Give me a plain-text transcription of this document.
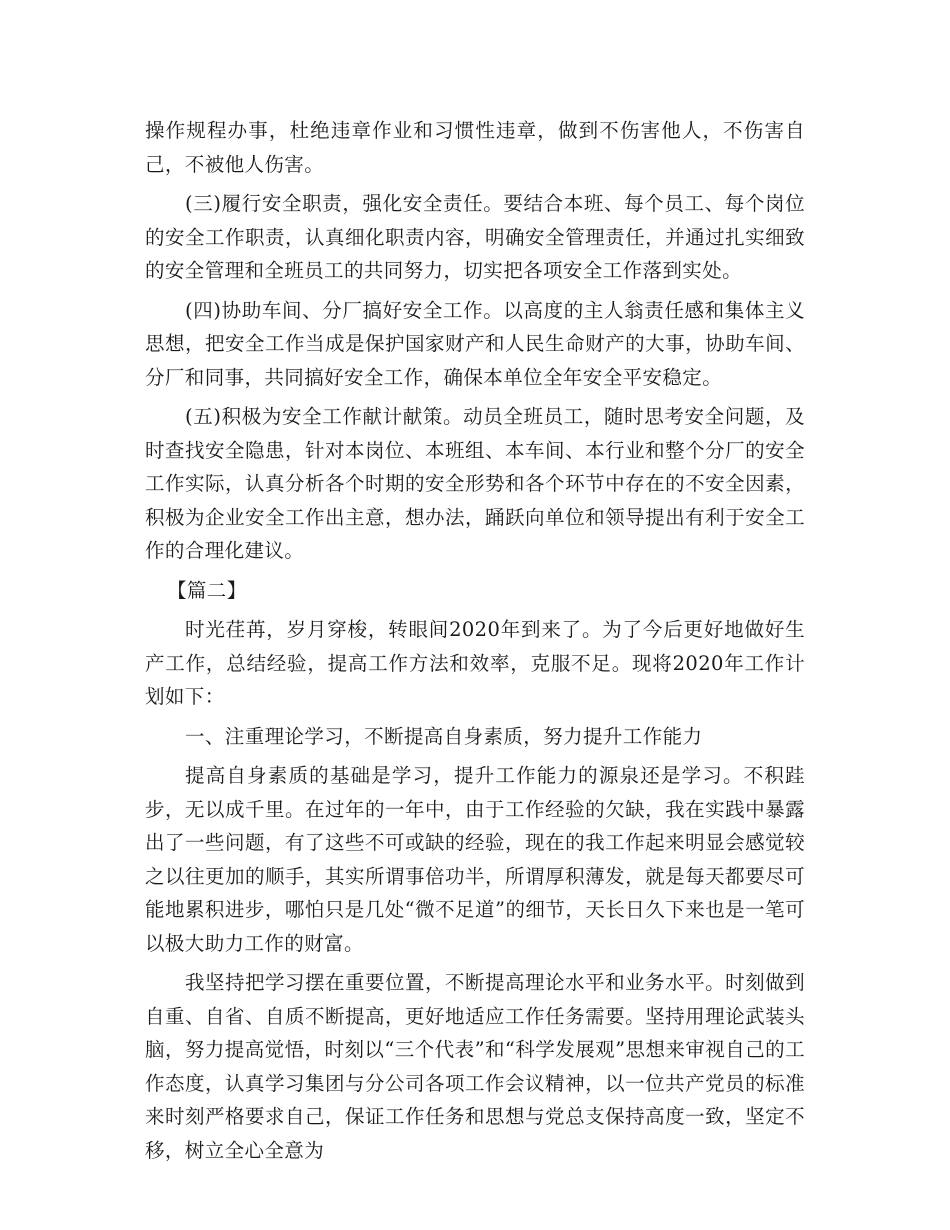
操作规程办事，杜绝违章作业和习惯性违章，做到不伤害他人，不伤害自己，不被他人伤害。

(三)履行安全职责，强化安全责任。要结合本班、每个员工、每个岗位的安全工作职责，认真细化职责内容，明确安全管理责任，并通过扎实细致的安全管理和全班员工的共同努力，切实把各项安全工作落到实处。

(四)协助车间、分厂搞好安全工作。以高度的主人翁责任感和集体主义思想，把安全工作当成是保护国家财产和人民生命财产的大事，协助车间、分厂和同事，共同搞好安全工作，确保本单位全年安全平安稳定。

(五)积极为安全工作献计献策。动员全班员工，随时思考安全问题，及时查找安全隐患，针对本岗位、本班组、本车间、本行业和整个分厂的安全工作实际，认真分析各个时期的安全形势和各个环节中存在的不安全因素，积极为企业安全工作出主意，想办法，踊跃向单位和领导提出有利于安全工作的合理化建议。

【篇二】

时光荏苒，岁月穿梭，转眼间2020年到来了。为了今后更好地做好生产工作，总结经验，提高工作方法和效率，克服不足。现将2020年工作计划如下：

一、注重理论学习，不断提高自身素质，努力提升工作能力

提高自身素质的基础是学习，提升工作能力的源泉还是学习。不积跬步，无以成千里。在过年的一年中，由于工作经验的欠缺，我在实践中暴露出了一些问题，有了这些不可或缺的经验，现在的我工作起来明显会感觉较之以往更加的顺手，其实所谓事倍功半，所谓厚积薄发，就是每天都要尽可能地累积进步，哪怕只是几处“微不足道”的细节，天长日久下来也是一笔可以极大助力工作的财富。

我坚持把学习摆在重要位置，不断提高理论水平和业务水平。时刻做到自重、自省、自质不断提高，更好地适应工作任务需要。坚持用理论武装头脑，努力提高觉悟，时刻以“三个代表”和“科学发展观”思想来审视自己的工作态度，认真学习集团与分公司各项工作会议精神，以一位共产党员的标准来时刻严格要求自己，保证工作任务和思想与党总支保持高度一致，坚定不移，树立全心全意为
